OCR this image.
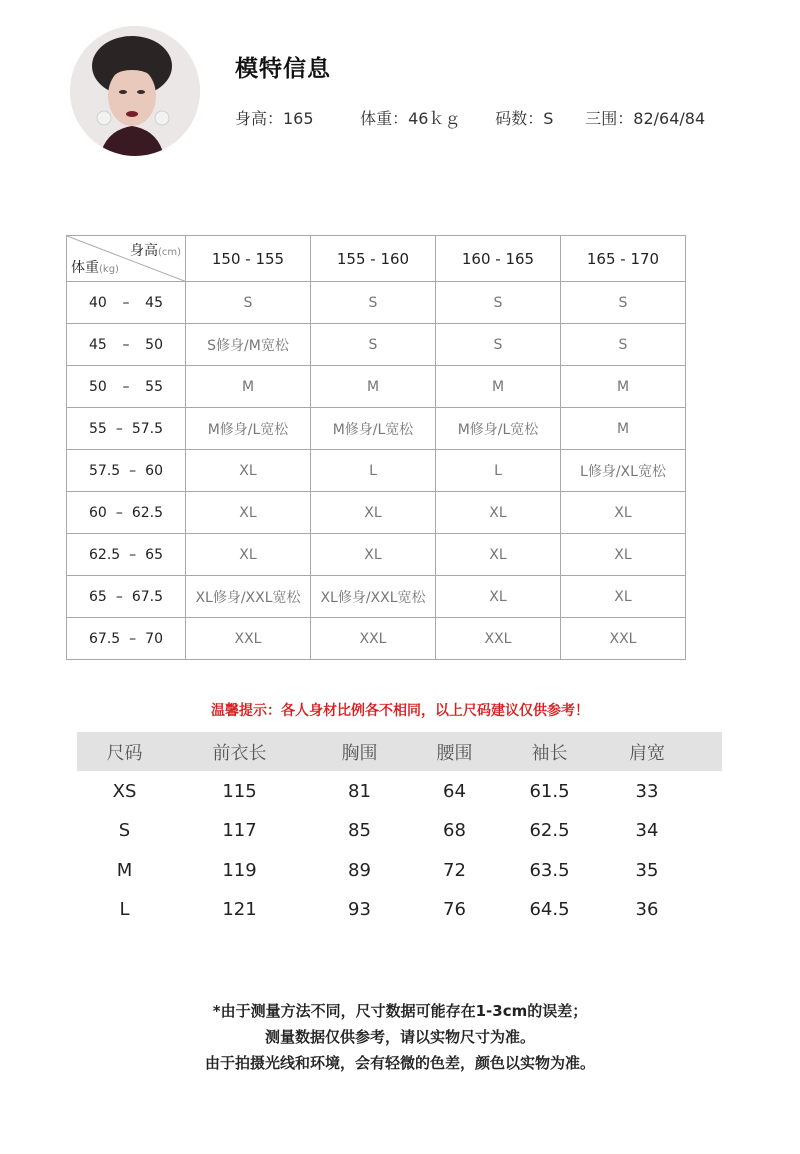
模特信息
身高：165	体重：46ｋｇ 码数：S 三围：82/64/84
身高(cm)
体重(kg)	150 - 155	155 - 160	160 - 165	165 - 170

40 – 45	S	S	S	S

45 – 50	S修身/M宽松	S	S	S

50 – 55	M	M	M	M

55 – 57.5	M修身/L宽松	M修身/L宽松	M修身/L宽松	M

57.5 – 60	XL	L	L	L修身/XL宽松

60 – 62.5	XL	XL	XL	XL

62.5 – 65	XL	XL	XL	XL

65 – 67.5	XL修身/XXL宽松	XL修身/XXL宽松	XL	XL

67.5 – 70	XXL	XXL	XXL	XXL
温馨提示：各人身材比例各不相同，以上尺码建议仅供参考！
尺码	前衣长	胸围	腰围	袖长	肩宽
XS	115	81	64	61.5	33
S	117	85	68	62.5	34
M	119	89	72	63.5	35
L	121	93	76	64.5	36
*由于测量方法不同，尺寸数据可能存在1-3cm的误差；
测量数据仅供参考，请以实物尺寸为准。
由于拍摄光线和环境，会有轻微的色差，颜色以实物为准。
